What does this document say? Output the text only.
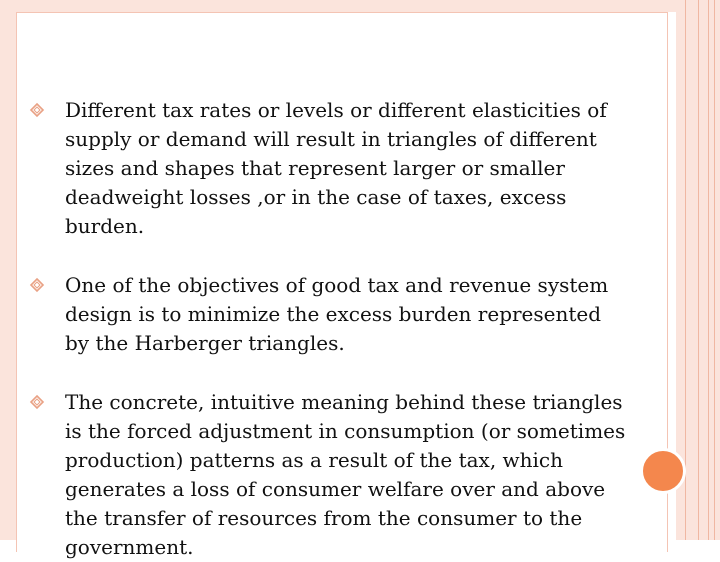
Different tax rates or levels or different elasticities of supply or demand will result in triangles of different sizes and shapes that represent larger or smaller deadweight losses ,or in the case of taxes, excess burden.
One of the objectives of good tax and revenue system design is to minimize the excess burden represented by the Harberger triangles.
The concrete, intuitive meaning behind these triangles is the forced adjustment in consumption (or sometimes production) patterns as a result of the tax, which generates a loss of consumer welfare over and above the transfer of resources from the consumer to the government.
